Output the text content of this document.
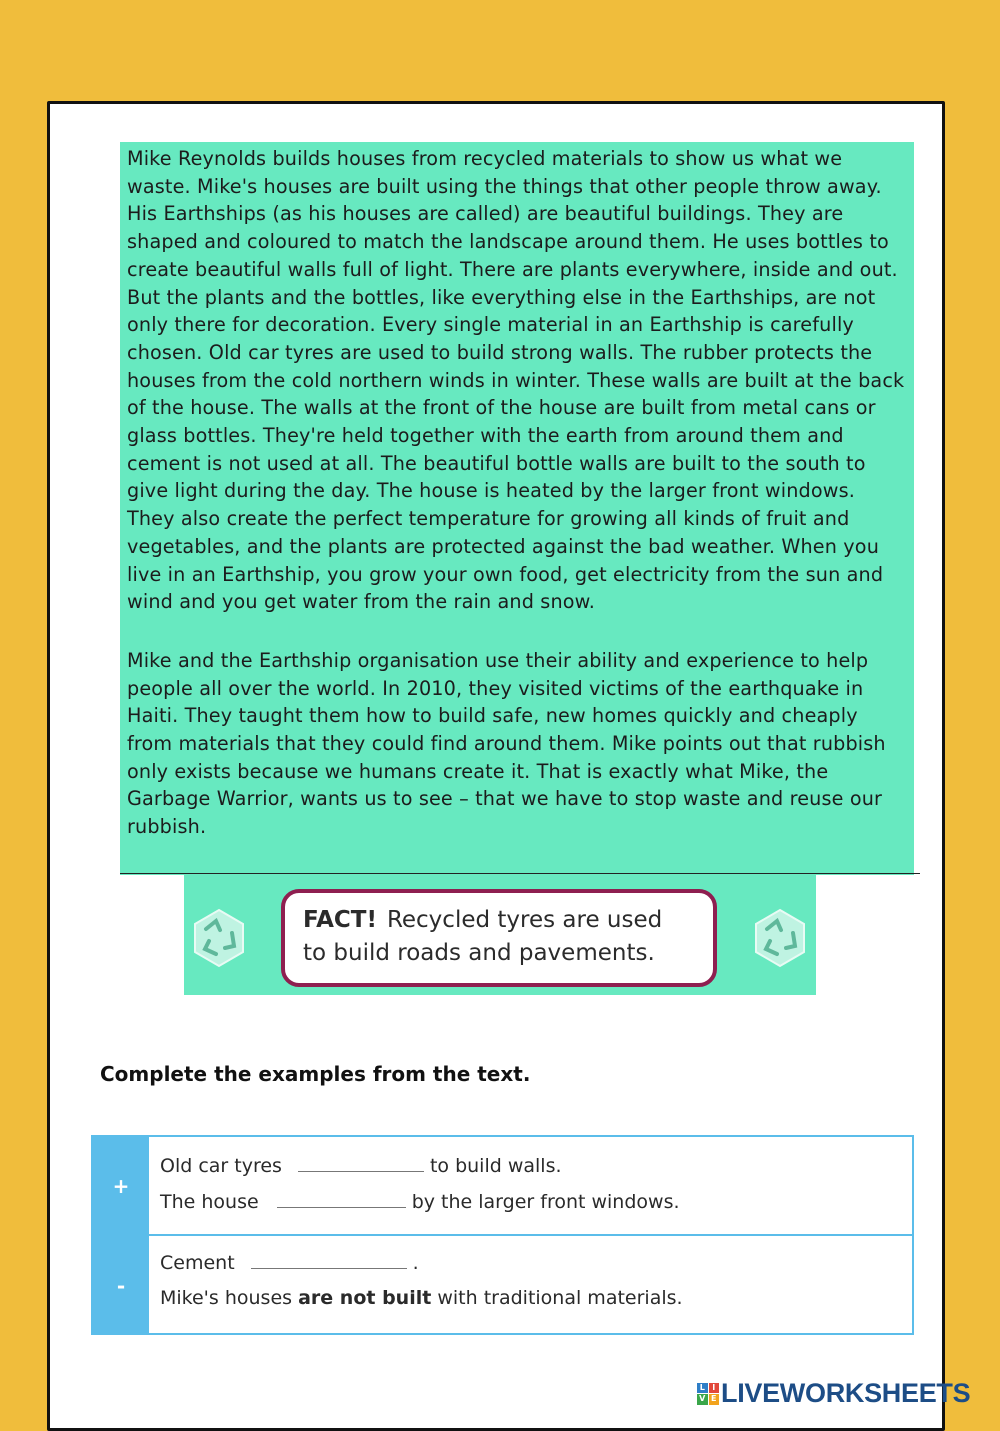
Mike Reynolds builds houses from recycled materials to show us what we waste. Mike's houses are built using the things that other people throw away. His Earthships (as his houses are called) are beautiful buildings. They are shaped and coloured to match the landscape around them. He uses bottles to create beautiful walls full of light. There are plants everywhere, inside and out. But the plants and the bottles, like everything else in the Earthships, are not only there for decoration. Every single material in an Earthship is carefully chosen. Old car tyres are used to build strong walls. The rubber protects the houses from the cold northern winds in winter. These walls are built at the back of the house. The walls at the front of the house are built from metal cans or glass bottles. They're held together with the earth from around them and cement is not used at all. The beautiful bottle walls are built to the south to give light during the day. The house is heated by the larger front windows. They also create the perfect temperature for growing all kinds of fruit and vegetables, and the plants are protected against the bad weather. When you live in an Earthship, you grow your own food, get electricity from the sun and wind and you get water from the rain and snow.

Mike and the Earthship organisation use their ability and experience to help people all over the world. In 2010, they visited victims of the earthquake in Haiti. They taught them how to build safe, new homes quickly and cheaply from materials that they could find around them. Mike points out that rubbish only exists because we humans create it. That is exactly what Mike, the Garbage Warrior, wants us to see – that we have to stop waste and reuse our rubbish.

FACT! Recycled tyres are used
to build roads and pavements.
Complete the examples from the text.
+
Old car tyres	to build walls.
The house	by the larger front windows.
-
Cement	.
Mike's houses are not built with traditional materials.
L I
V E LIVEWORKSHEETS
